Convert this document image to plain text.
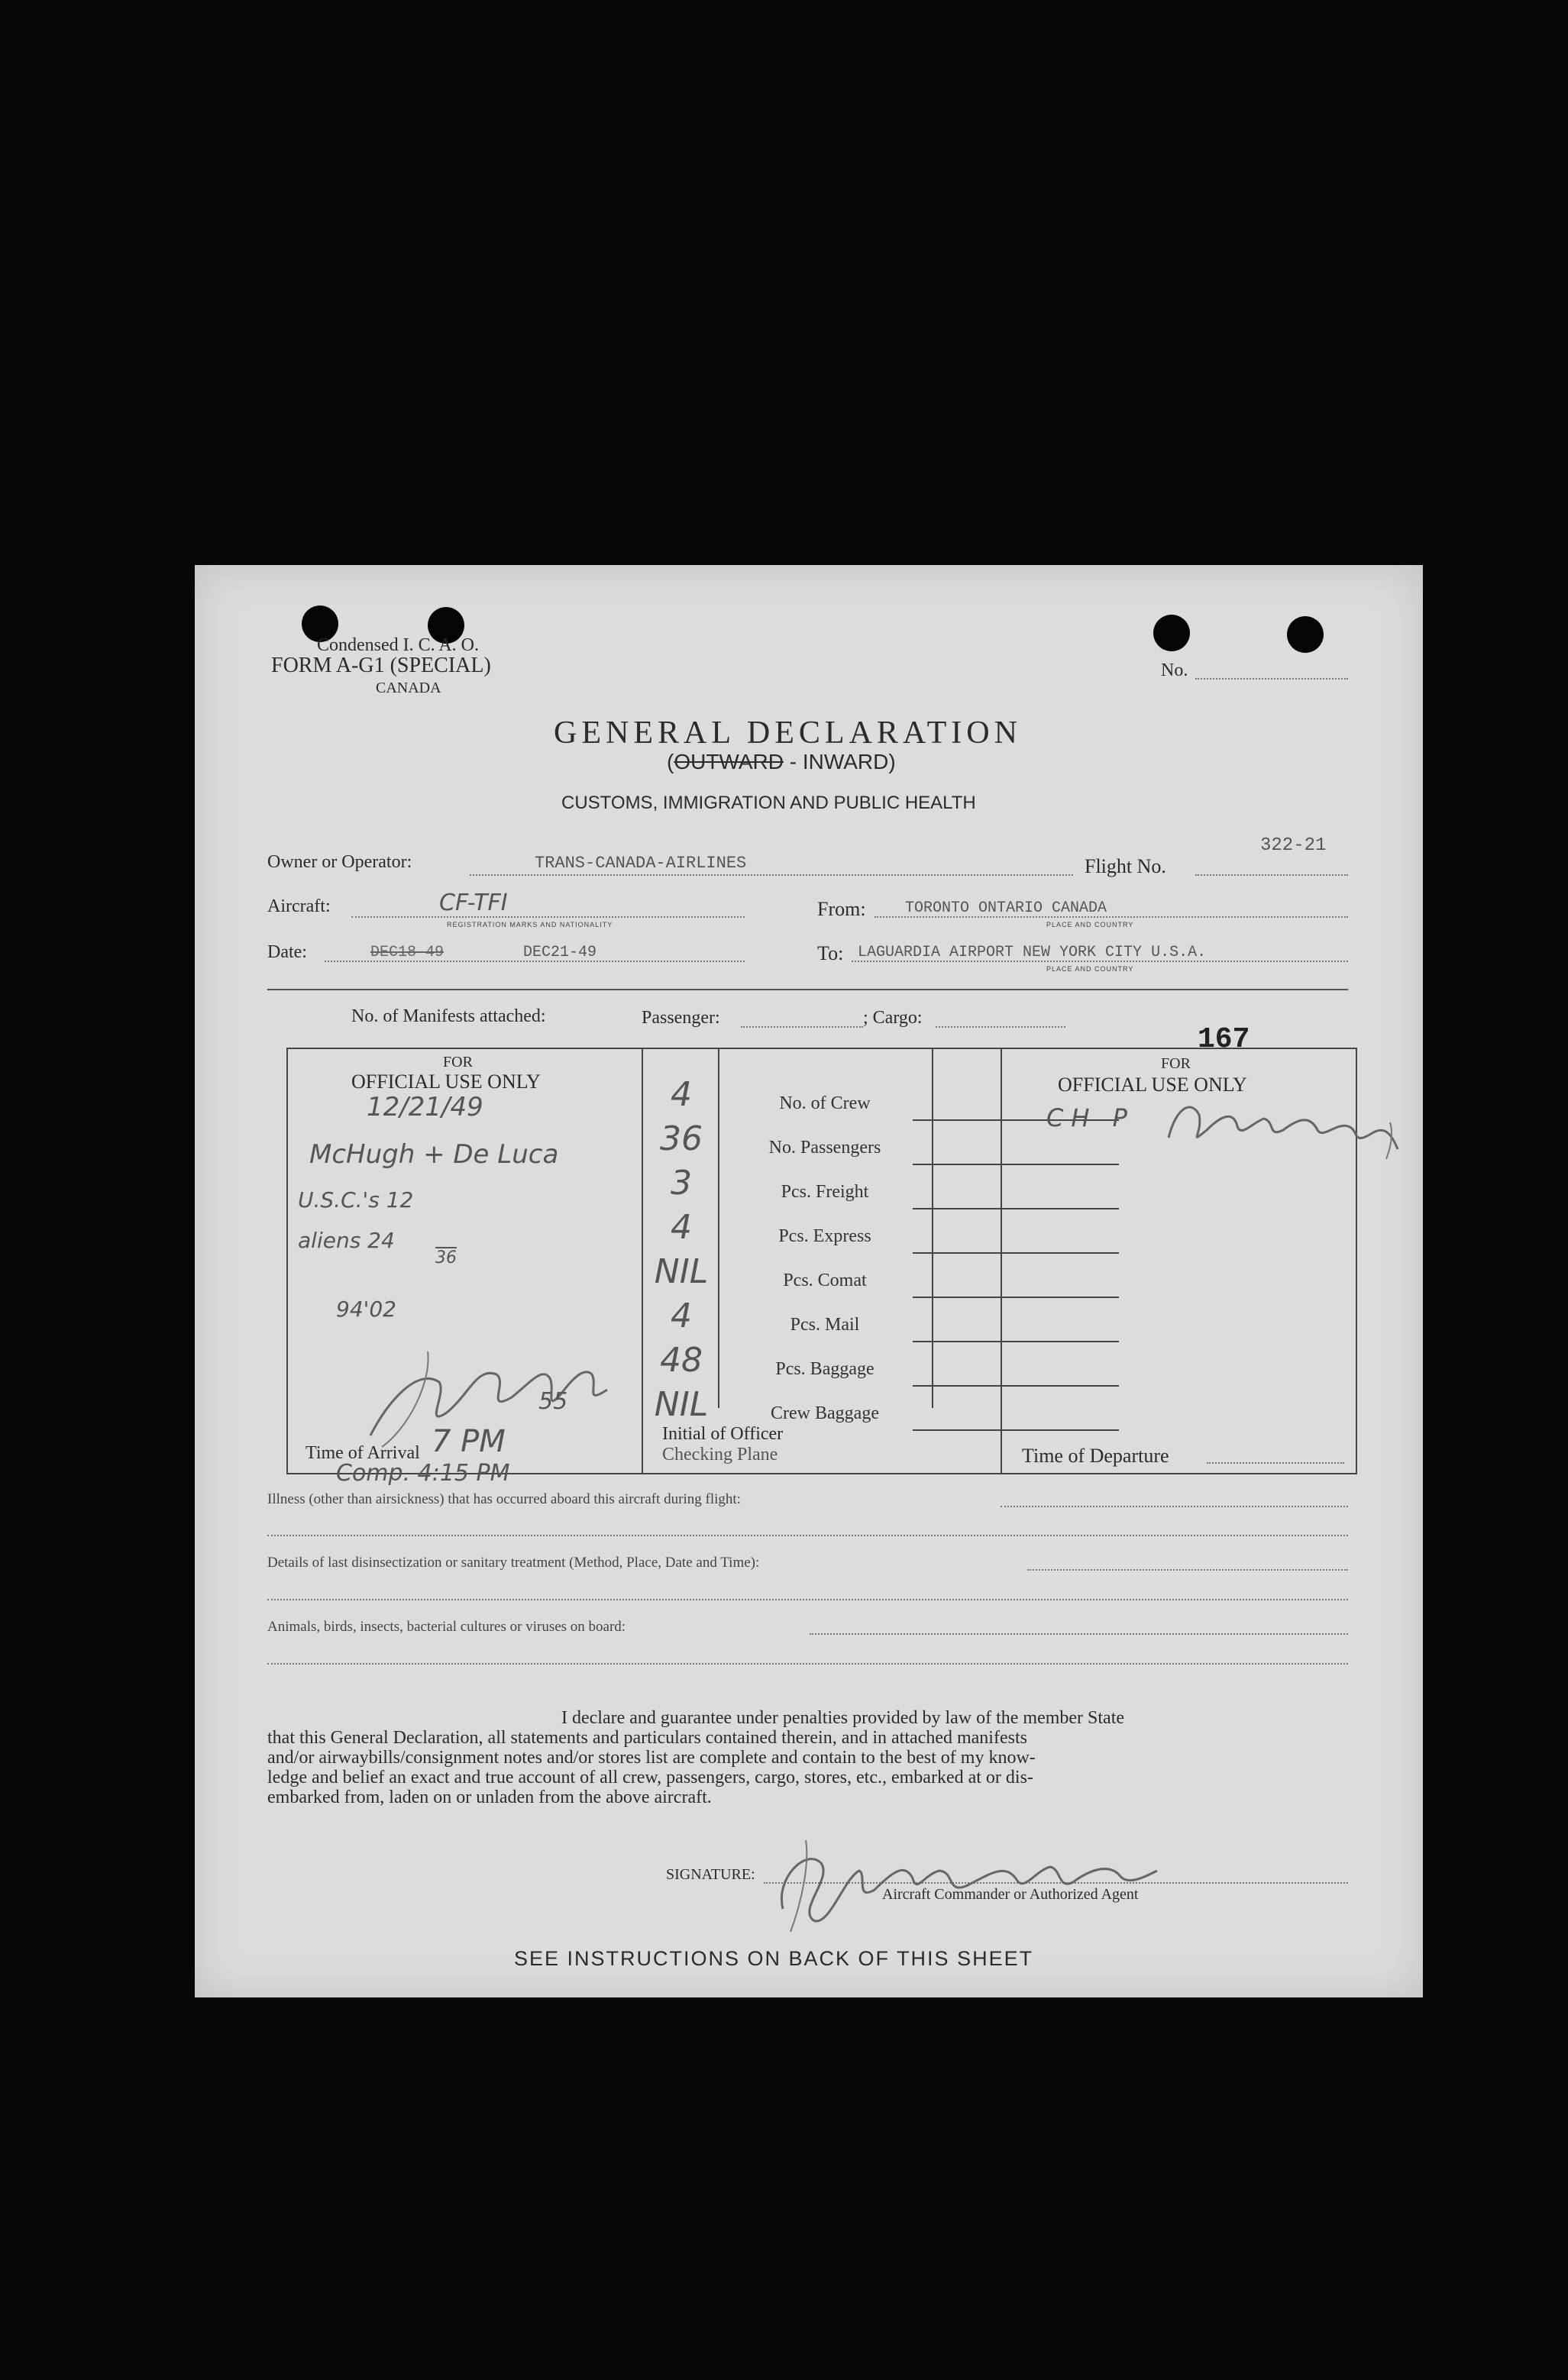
Condensed I. C. A. O.
FORM A-G1 (SPECIAL)
CANADA
No.
GENERAL DECLARATION
(OUTWARD - INWARD)
CUSTOMS, IMMIGRATION AND PUBLIC HEALTH
Owner or Operator:	TRANS-CANADA-AIRLINES	Flight No.
322-21
Aircraft:	CF-TFI
REGISTRATION MARKS AND NATIONALITY
From:	TORONTO ONTARIO CANADA
PLACE AND COUNTRY
Date:	DEC18-49	DEC21-49	To: LAGUARDIA AIRPORT NEW YORK CITY U.S.A.
PLACE AND COUNTRY
No. of Manifests attached:	Passenger:	; Cargo:
167
FOR
OFFICIAL USE ONLY
12/21/49
McHugh + De Luca
U.S.C.'s 12
aliens 24
36
94'02
Time of Arrival 7 PM
55
Comp. 4:15 PM
4	No. of Crew
36	No. Passengers
3	Pcs. Freight
4	Pcs. Express
NIL	Pcs. Comat
4	Pcs. Mail
48	Pcs. Baggage
NIL	Crew Baggage
Initial of Officer
Checking Plane
FOR
OFFICIAL USE ONLY
CH P
Time of Departure
Illness (other than airsickness) that has occurred aboard this aircraft during flight:
Details of last disinsectization or sanitary treatment (Method, Place, Date and Time):
Animals, birds, insects, bacterial cultures or viruses on board:
I declare and guarantee under penalties provided by law of the member State
that this General Declaration, all statements and particulars contained therein, and in attached manifests
and/or airwaybills/consignment notes and/or stores list are complete and contain to the best of my know-
ledge and belief an exact and true account of all crew, passengers, cargo, stores, etc., embarked at or dis-
embarked from, laden on or unladen from the above aircraft.
SIGNATURE:
Aircraft Commander or Authorized Agent
SEE INSTRUCTIONS ON BACK OF THIS SHEET
